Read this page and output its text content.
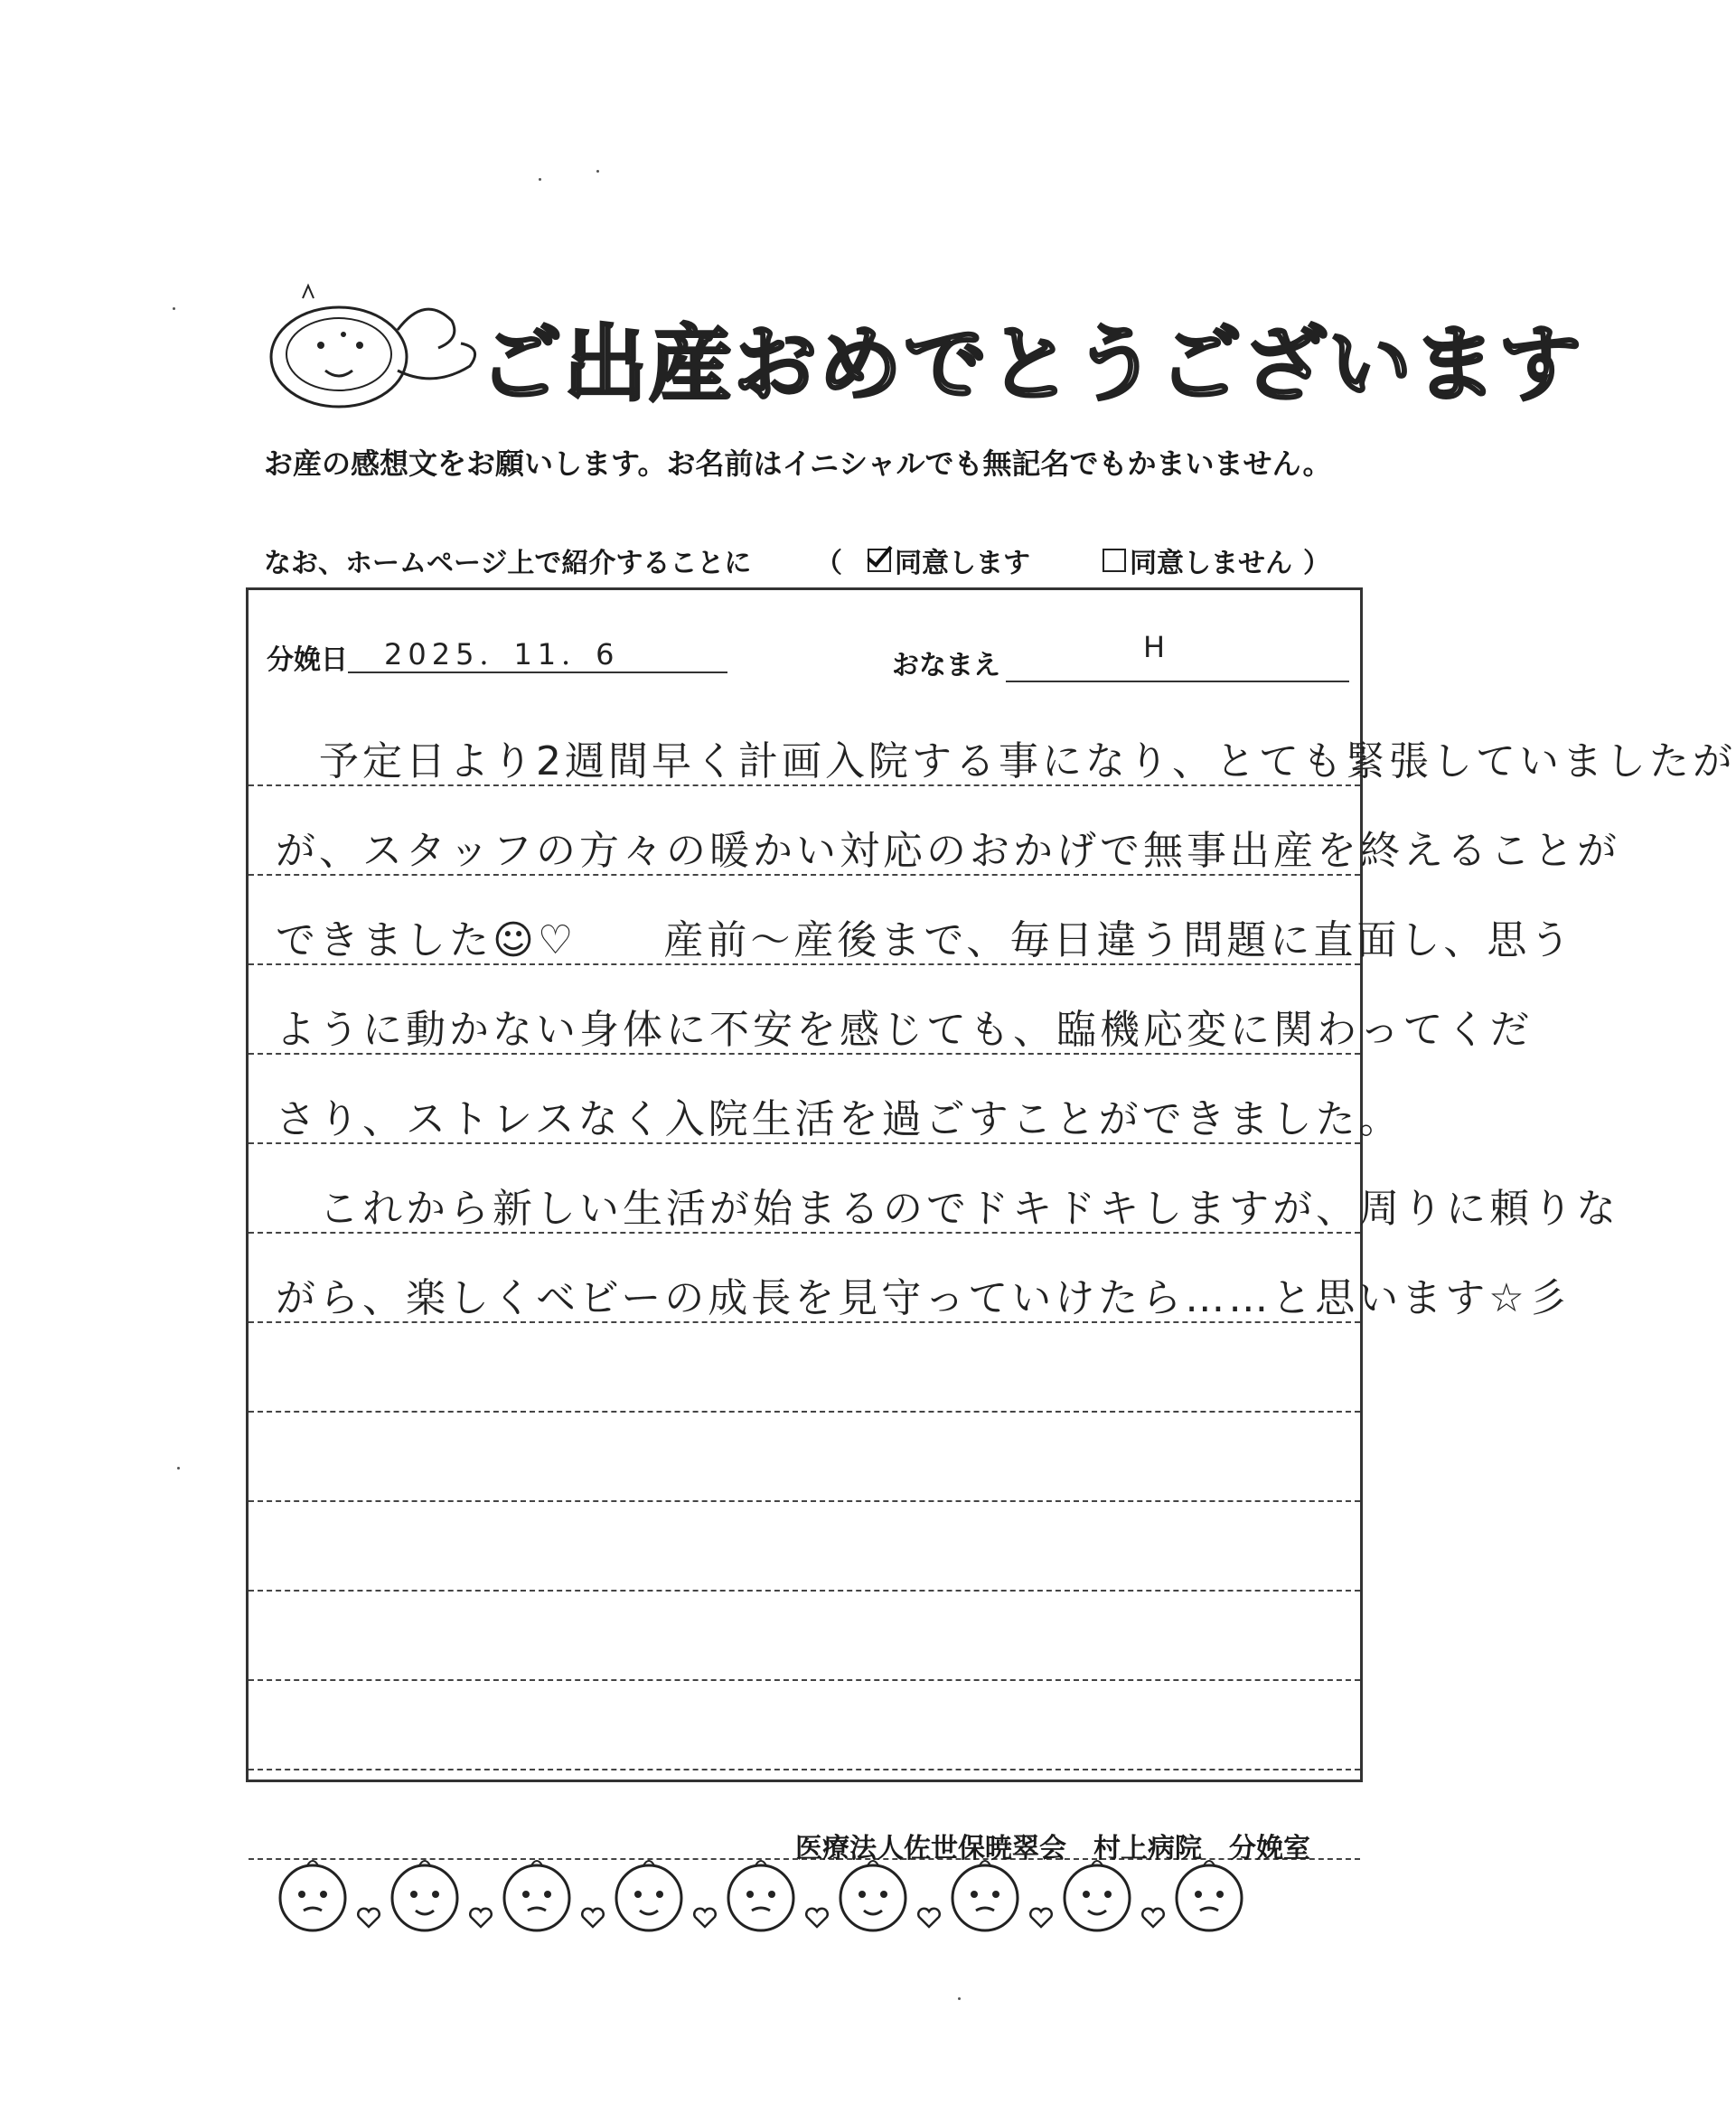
ご出産おめでとうございます
お産の感想文をお願いします。お名前はイニシャルでも無記名でもかまいません。
なお、ホームページ上で紹介することに （ 同意します	同意しません ）
分娩日 2025．11．6	おなまえ
H
　予定日より2週間早く計画入院する事になり、とても緊張していましたが
が、スタッフの方々の暖かい対応のおかげで無事出産を終えることが
できました☺♡　　産前～産後まで、毎日違う問題に直面し、思う
ように動かない身体に不安を感じても、臨機応変に関わってくだ
さり、ストレスなく入院生活を過ごすことができました。
　これから新しい生活が始まるのでドキドキしますが、周りに頼りな
がら、楽しくベビーの成長を見守っていけたら……と思います☆彡
医療法人佐世保暁翠会　村上病院　分娩室
